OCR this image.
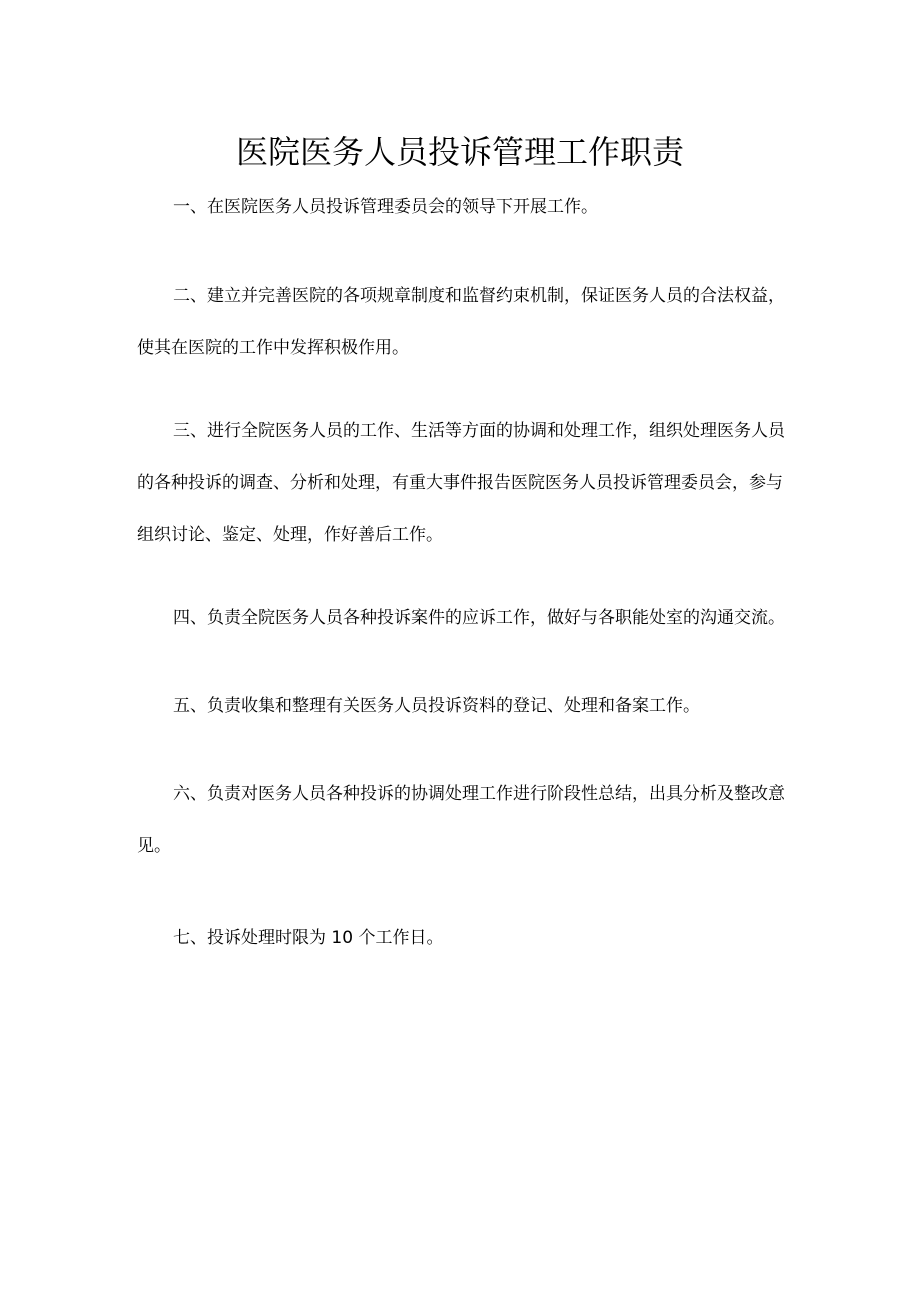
医院医务人员投诉管理工作职责
一、在医院医务人员投诉管理委员会的领导下开展工作。
二、建立并完善医院的各项规章制度和监督约束机制，保证医务人员的合法权益，
使其在医院的工作中发挥积极作用。
三、进行全院医务人员的工作、生活等方面的协调和处理工作，组织处理医务人员
的各种投诉的调查、分析和处理，有重大事件报告医院医务人员投诉管理委员会，参与
组织讨论、鉴定、处理，作好善后工作。
四、负责全院医务人员各种投诉案件的应诉工作，做好与各职能处室的沟通交流。
五、负责收集和整理有关医务人员投诉资料的登记、处理和备案工作。
六、负责对医务人员各种投诉的协调处理工作进行阶段性总结，出具分析及整改意
见。
七、投诉处理时限为 10 个工作日。
